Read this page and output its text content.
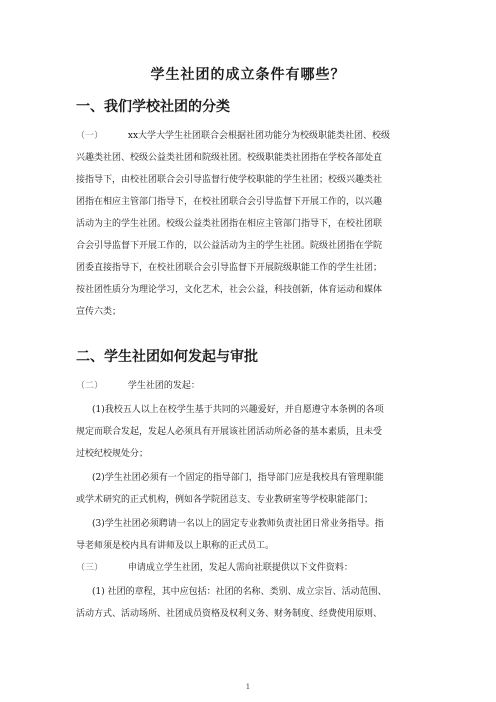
学生社团的成立条件有哪些？
一、我们学校社团的分类
（一）	xx大学大学生社团联合会根据社团功能分为校级职能类社团、校级
兴趣类社团、校级公益类社团和院级社团。校级职能类社团指在学校各部处直
接指导下，由校社团联合会引导监督行使学校职能的学生社团；校级兴趣类社
团指在相应主管部门指导下，在校社团联合会引导监督下开展工作的，以兴趣
活动为主的学生社团。校级公益类社团指在相应主管部门指导下，在校社团联
合会引导监督下开展工作的，以公益活动为主的学生社团。院级社团指在学院
团委直接指导下，在校社团联合会引导监督下开展院级职能工作的学生社团；
按社团性质分为理论学习，文化艺术，社会公益，科技创新，体育运动和媒体
宣传六类；
二、学生社团如何发起与审批
（二）	学生社团的发起：
(1)我校五人以上在校学生基于共同的兴趣爱好，并自愿遵守本条例的各项
规定而联合发起，发起人必须具有开展该社团活动所必备的基本素质，且未受
过校纪校规处分；
(2)学生社团必须有一个固定的指导部门，指导部门应是我校具有管理职能
或学术研究的正式机构，例如各学院团总支、专业教研室等学校职能部门；
(3)学生社团必须聘请一名以上的固定专业教师负责社团日常业务指导。指
导老师须是校内具有讲师及以上职称的正式员工。
（三）	申请成立学生社团，发起人需向社联提供以下文件资料：
(1) 社团的章程，其中应包括：社团的名称、类别、成立宗旨、活动范围、
活动方式、活动场所、社团成员资格及权利义务、财务制度、经费使用原则、
1
